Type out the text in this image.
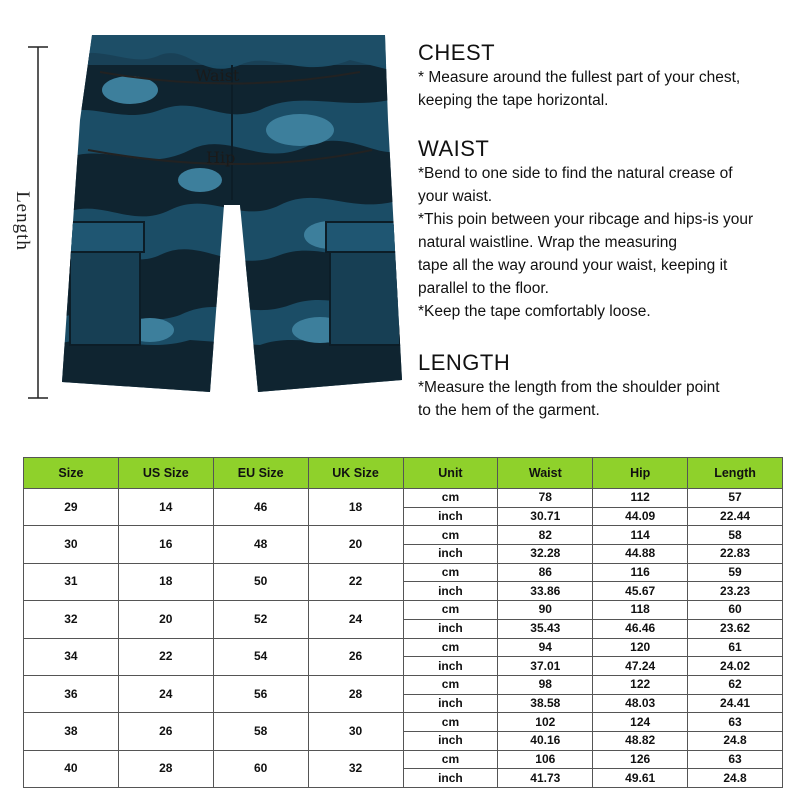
Length
Waist
Hip
CHEST

* Measure around the fullest part of your chest,

keeping the tape horizontal.

WAIST

*Bend to one side to find the natural crease of

your waist.

*This poin between your ribcage and hips-is your

natural waistline. Wrap the measuring

tape all the way around your waist, keeping it

parallel to the floor.

*Keep the tape comfortably loose.

LENGTH

*Measure the length from the shoulder point

to the hem of the garment.

Size	US Size	EU Size	UK Size	Unit	Waist	Hip	Length
29	14	46	18	cm	78	112	57
				inch	30.71	44.09	22.44
30	16	48	20	cm	82	114	58
				inch	32.28	44.88	22.83
31	18	50	22	cm	86	116	59
				inch	33.86	45.67	23.23
32	20	52	24	cm	90	118	60
				inch	35.43	46.46	23.62
34	22	54	26	cm	94	120	61
				inch	37.01	47.24	24.02
36	24	56	28	cm	98	122	62
				inch	38.58	48.03	24.41
38	26	58	30	cm	102	124	63
				inch	40.16	48.82	24.8
40	28	60	32	cm	106	126	63
				inch	41.73	49.61	24.8
